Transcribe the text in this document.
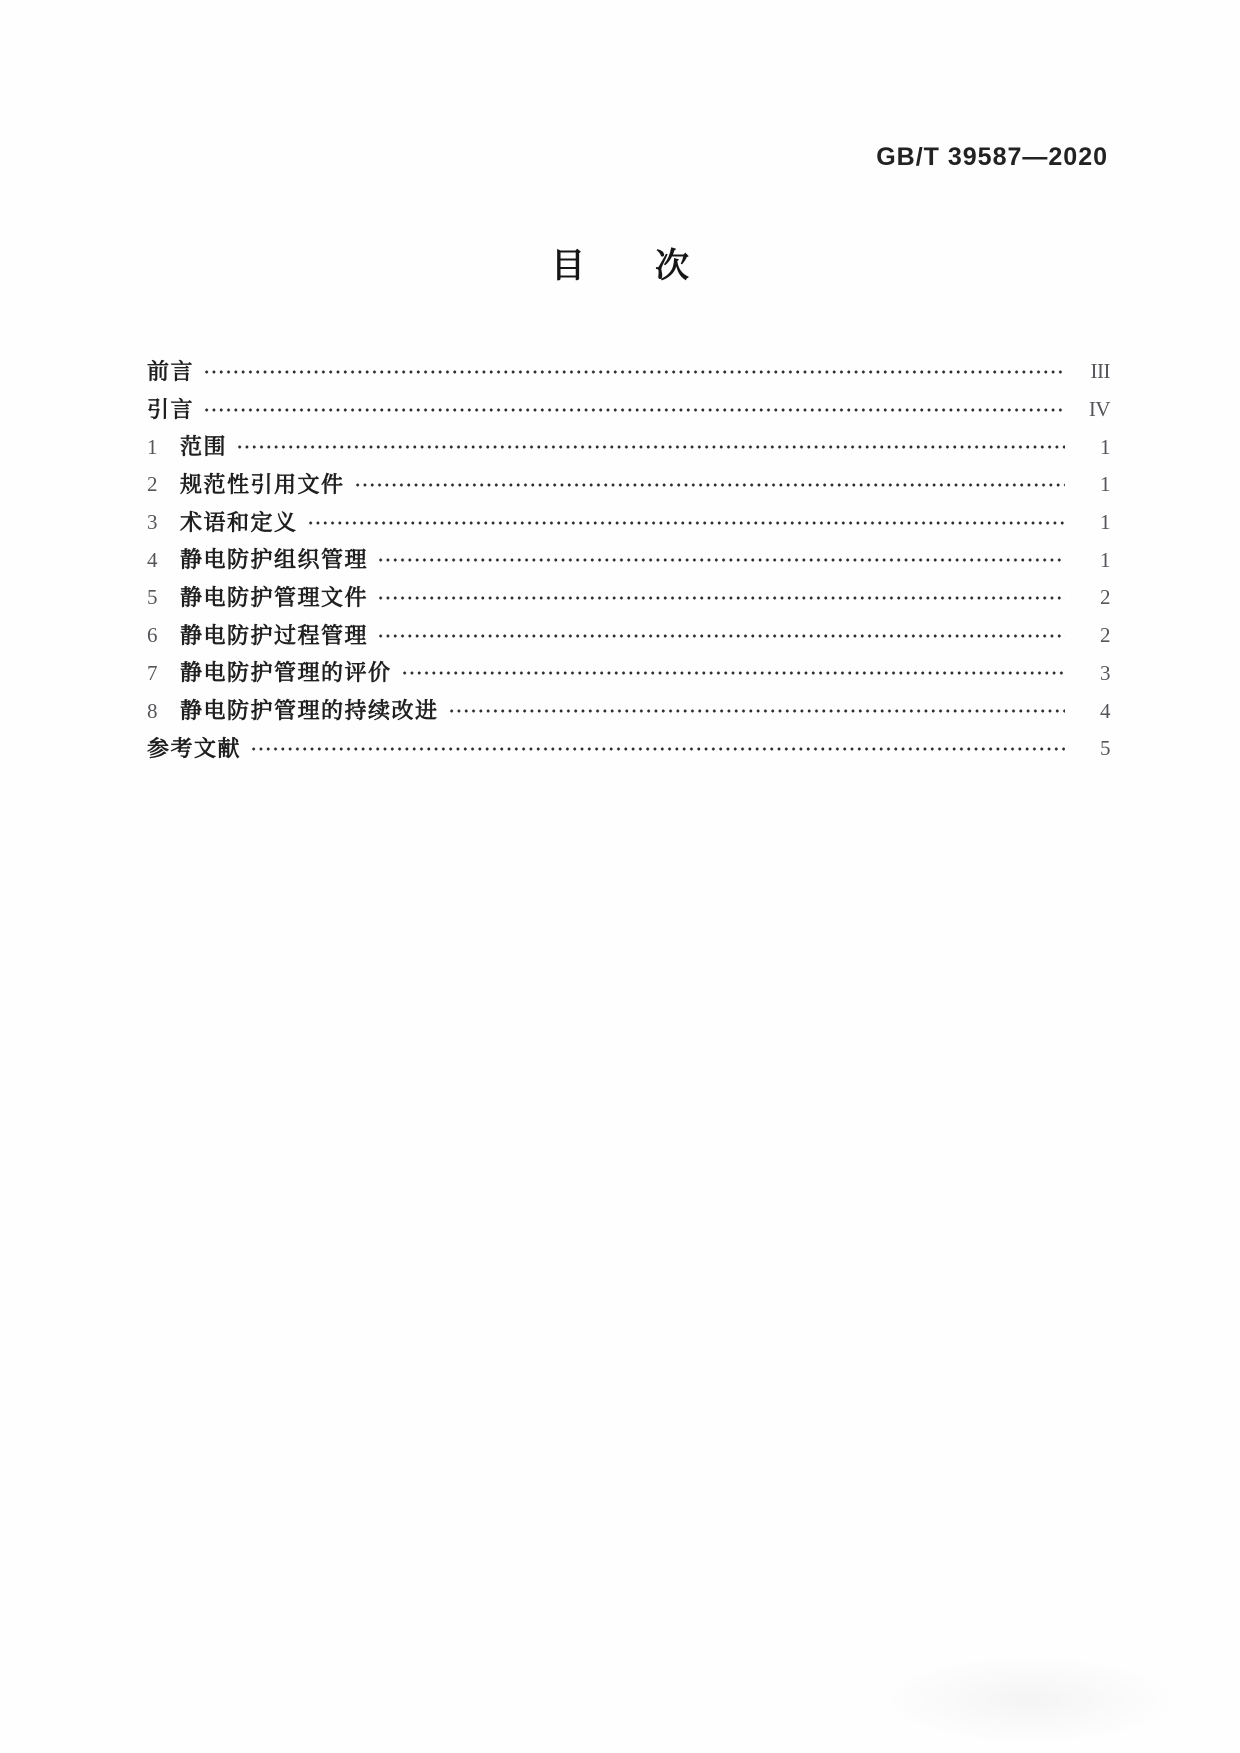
GB/T 39587—2020
目 次
前言	III
引言	IV
1	范围	1
2	规范性引用文件	1
3	术语和定义	1
4	静电防护组织管理	1
5	静电防护管理文件	2
6	静电防护过程管理	2
7	静电防护管理的评价	3
8	静电防护管理的持续改进	4
参考文献	5
